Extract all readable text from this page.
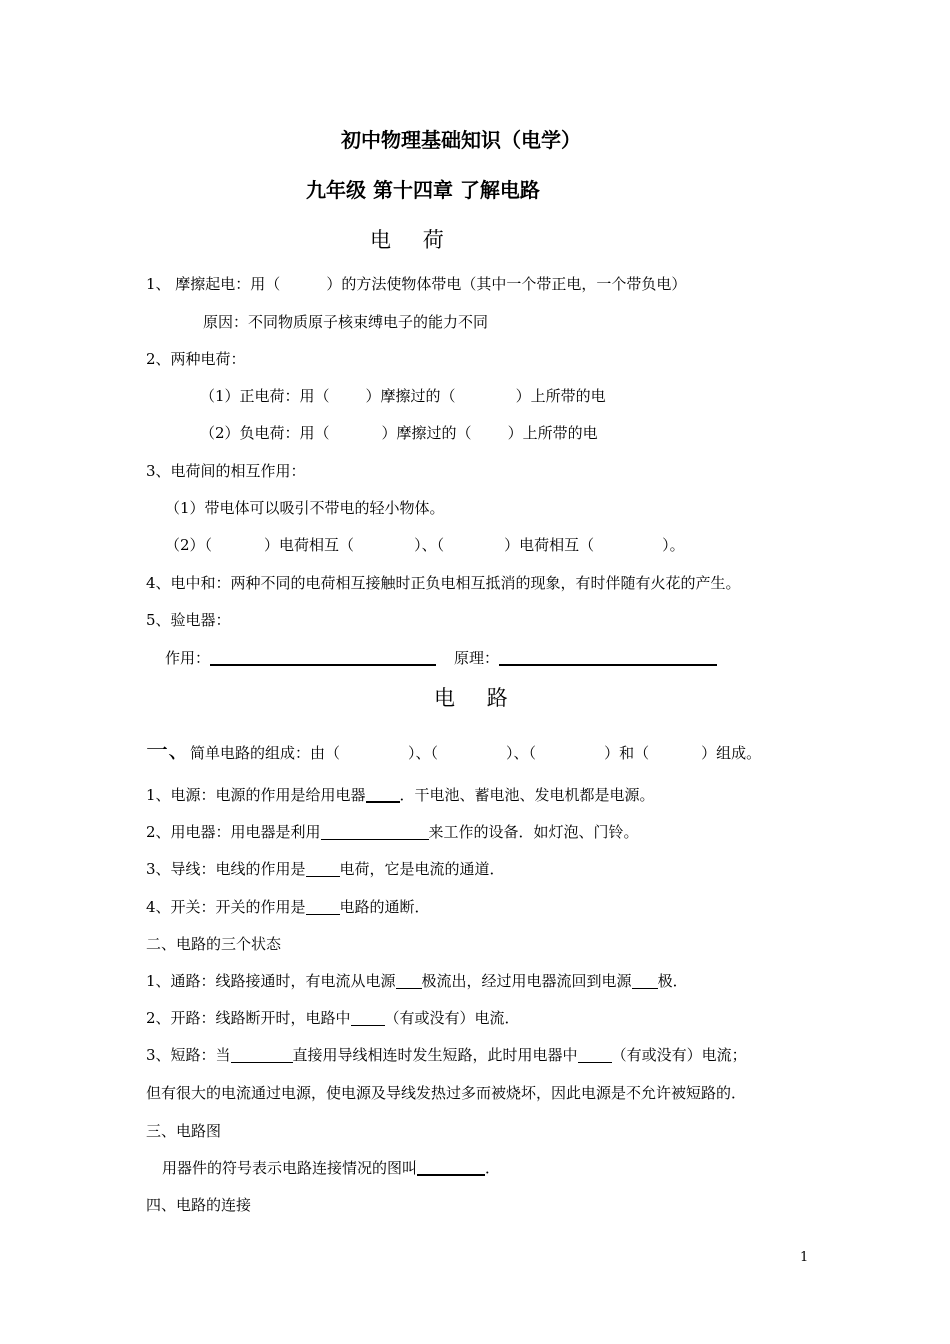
初中物理基础知识（电学）
九年级 第十四章 了解电路
电    荷
1、 摩擦起电：用（	）的方法使物体带电（其中一个带正电，一个带负电）
原因：不同物质原子核束缚电子的能力不同
2、两种电荷：
（1）正电荷：用（ ）摩擦过的（	）上所带的电
（2）负电荷：用（	）摩擦过的（ ）上所带的电
3、电荷间的相互作用：
（1）带电体可以吸引不带电的轻小物体。
（2）（	）电荷相互（	）、（	）电荷相互（	）。
4、电中和：两种不同的电荷相互接触时正负电相互抵消的现象，有时伴随有火花的产生。
5、验电器：
作用：	原理：
电    路
一、简单电路的组成：由（	）、（	）、（	）和（	）组成。
1、电源：电源的作用是给用电器 ．干电池、蓄电池、发电机都是电源。
2、用电器：用电器是利用	来工作的设备．如灯泡、门铃。
3、导线：电线的作用是 电荷，它是电流的通道．
4、开关：开关的作用是 电路的通断．
二、电路的三个状态
1、通路：线路接通时，有电流从电源 极流出，经过用电器流回到电源 极．
2、开路：线路断开时，电路中 （有或没有）电流．
3、短路：当	直接用导线相连时发生短路，此时用电器中 （有或没有）电流；
但有很大的电流通过电源，使电源及导线发热过多而被烧坏，因此电源是不允许被短路的．
三、电路图
用器件的符号表示电路连接情况的图叫	．
四、电路的连接
1
